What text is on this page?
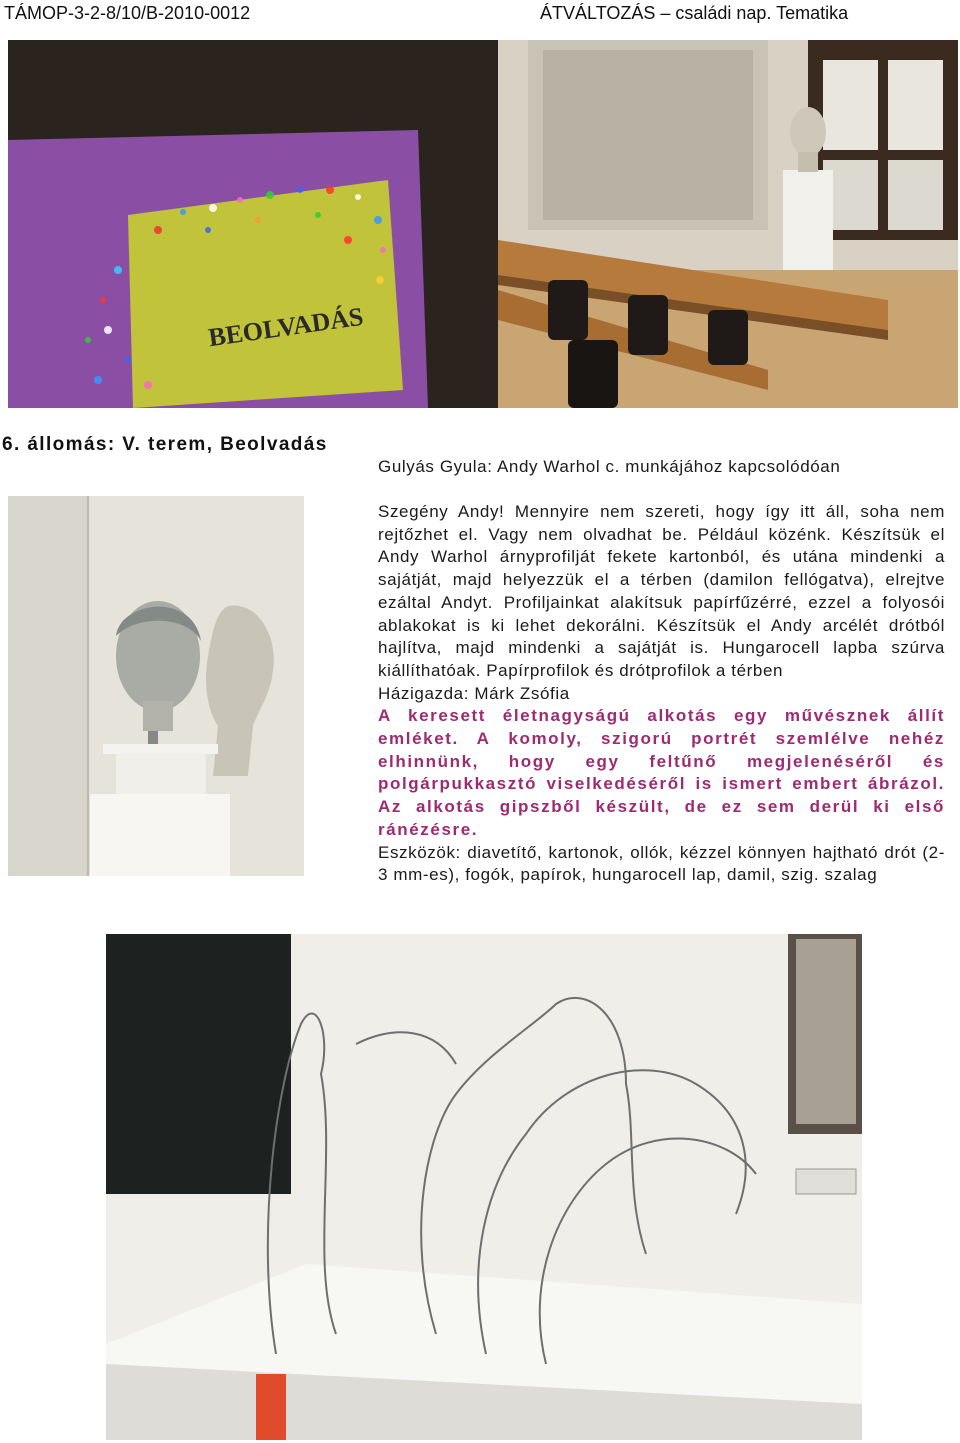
TÁMOP-3-2-8/10/B-2010-0012	ÁTVÁLTOZÁS – családi nap. Tematika
BEOLVADÁS
6. állomás: V. terem, Beolvadás

Gulyás Gyula: Andy Warhol c. munkájához kapcsolódóan

Szegény Andy! Mennyire nem szereti, hogy így itt áll, soha nem rejtőzhet el. Vagy nem olvadhat be. Például közénk. Készítsük el Andy Warhol árnyprofilját fekete kartonból, és utána mindenki a sajátját, majd helyezzük el a térben (damilon fellógatva), elrejtve ezáltal Andyt. Profiljainkat alakítsuk papírfűzérré, ezzel a folyosói ablakokat is ki lehet dekorálni. Készítsük el Andy arcélét drótból hajlítva, majd mindenki a sajátját is. Hungarocell lapba szúrva kiállíthatóak. Papírprofilok és drótprofilok a térben

Házigazda: Márk Zsófia

A keresett életnagyságú alkotás egy művésznek állít emléket. A komoly, szigorú portrét szemlélve nehéz elhinnünk, hogy egy feltűnő megjelenéséről és polgárpukkasztó viselkedéséről is ismert embert ábrázol. Az alkotás gipszből készült, de ez sem derül ki első ránézésre.

Eszközök: diavetítő, kartonok, ollók, kézzel könnyen hajtható drót (2-3 mm-es), fogók, papírok, hungarocell lap, damil, szig. szalag
